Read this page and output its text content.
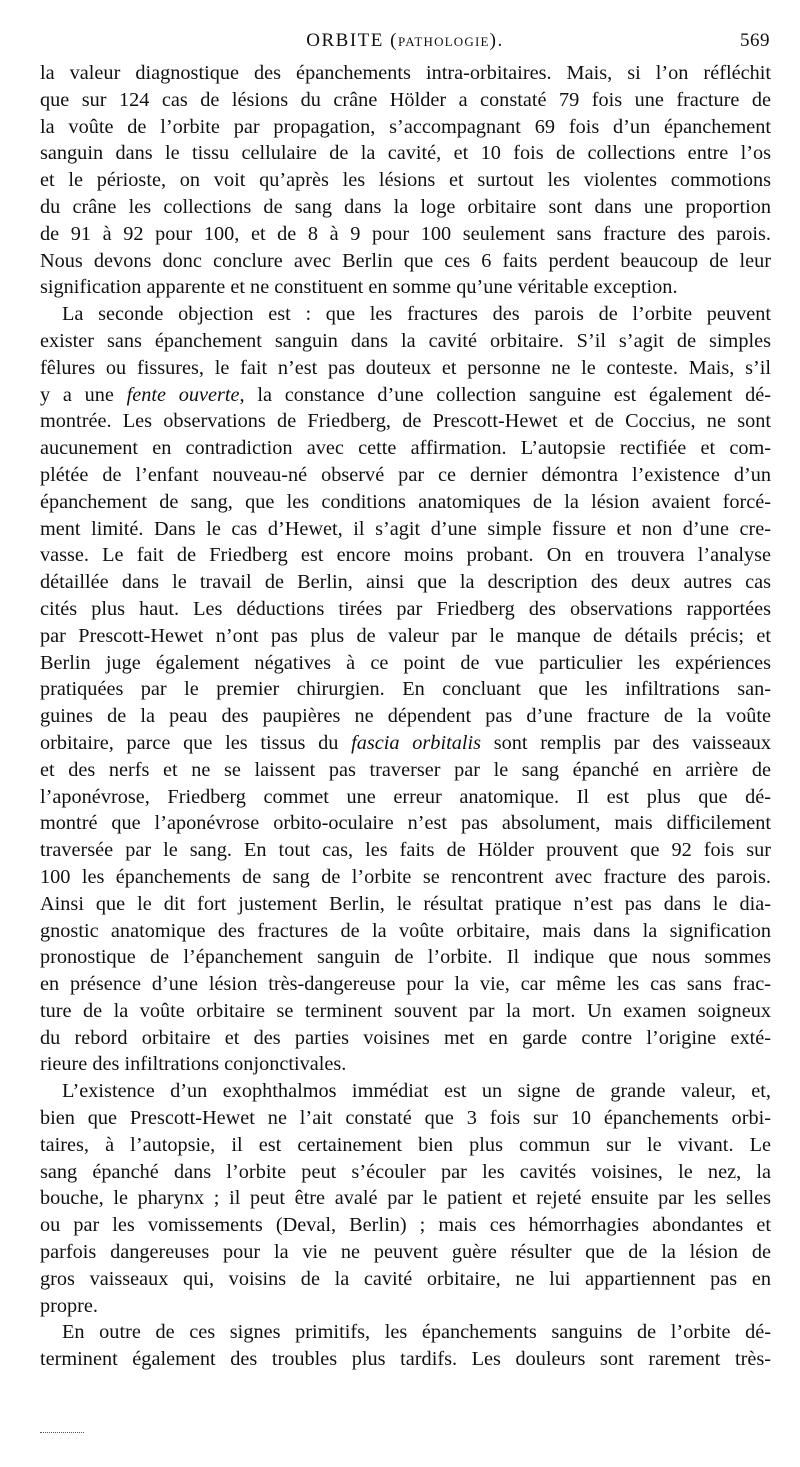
ORBITE (PATHOLOGIE).	569
la valeur diagnostique des épanchements intra-orbitaires. Mais, si l’on réfléchit
que sur 124 cas de lésions du crâne Hölder a constaté 79 fois une fracture de
la voûte de l’orbite par propagation, s’accompagnant 69 fois d’un épanchement
sanguin dans le tissu cellulaire de la cavité, et 10 fois de collections entre l’os
et le périoste, on voit qu’après les lésions et surtout les violentes commotions
du crâne les collections de sang dans la loge orbitaire sont dans une proportion
de 91 à 92 pour 100, et de 8 à 9 pour 100 seulement sans fracture des parois.
Nous devons donc conclure avec Berlin que ces 6 faits perdent beaucoup de leur
signification apparente et ne constituent en somme qu’une véritable exception.
La seconde objection est : que les fractures des parois de l’orbite peuvent
exister sans épanchement sanguin dans la cavité orbitaire. S’il s’agit de simples
fêlures ou fissures, le fait n’est pas douteux et personne ne le conteste. Mais, s’il
y a une fente ouverte, la constance d’une collection sanguine est également dé-
montrée. Les observations de Friedberg, de Prescott-Hewet et de Coccius, ne sont
aucunement en contradiction avec cette affirmation. L’autopsie rectifiée et com-
plétée de l’enfant nouveau-né observé par ce dernier démontra l’existence d’un
épanchement de sang, que les conditions anatomiques de la lésion avaient forcé-
ment limité. Dans le cas d’Hewet, il s’agit d’une simple fissure et non d’une cre-
vasse. Le fait de Friedberg est encore moins probant. On en trouvera l’analyse
détaillée dans le travail de Berlin, ainsi que la description des deux autres cas
cités plus haut. Les déductions tirées par Friedberg des observations rapportées
par Prescott-Hewet n’ont pas plus de valeur par le manque de détails précis; et
Berlin juge également négatives à ce point de vue particulier les expériences
pratiquées par le premier chirurgien. En concluant que les infiltrations san-
guines de la peau des paupières ne dépendent pas d’une fracture de la voûte
orbitaire, parce que les tissus du fascia orbitalis sont remplis par des vaisseaux
et des nerfs et ne se laissent pas traverser par le sang épanché en arrière de
l’aponévrose, Friedberg commet une erreur anatomique. Il est plus que dé-
montré que l’aponévrose orbito-oculaire n’est pas absolument, mais difficilement
traversée par le sang. En tout cas, les faits de Hölder prouvent que 92 fois sur
100 les épanchements de sang de l’orbite se rencontrent avec fracture des parois.
Ainsi que le dit fort justement Berlin, le résultat pratique n’est pas dans le dia-
gnostic anatomique des fractures de la voûte orbitaire, mais dans la signification
pronostique de l’épanchement sanguin de l’orbite. Il indique que nous sommes
en présence d’une lésion très-dangereuse pour la vie, car même les cas sans frac-
ture de la voûte orbitaire se terminent souvent par la mort. Un examen soigneux
du rebord orbitaire et des parties voisines met en garde contre l’origine exté-
rieure des infiltrations conjonctivales.
L’existence d’un exophthalmos immédiat est un signe de grande valeur, et,
bien que Prescott-Hewet ne l’ait constaté que 3 fois sur 10 épanchements orbi-
taires, à l’autopsie, il est certainement bien plus commun sur le vivant. Le
sang épanché dans l’orbite peut s’écouler par les cavités voisines, le nez, la
bouche, le pharynx ; il peut être avalé par le patient et rejeté ensuite par les selles
ou par les vomissements (Deval, Berlin) ; mais ces hémorrhagies abondantes et
parfois dangereuses pour la vie ne peuvent guère résulter que de la lésion de
gros vaisseaux qui, voisins de la cavité orbitaire, ne lui appartiennent pas en
propre.
En outre de ces signes primitifs, les épanchements sanguins de l’orbite dé-
terminent également des troubles plus tardifs. Les douleurs sont rarement très-
